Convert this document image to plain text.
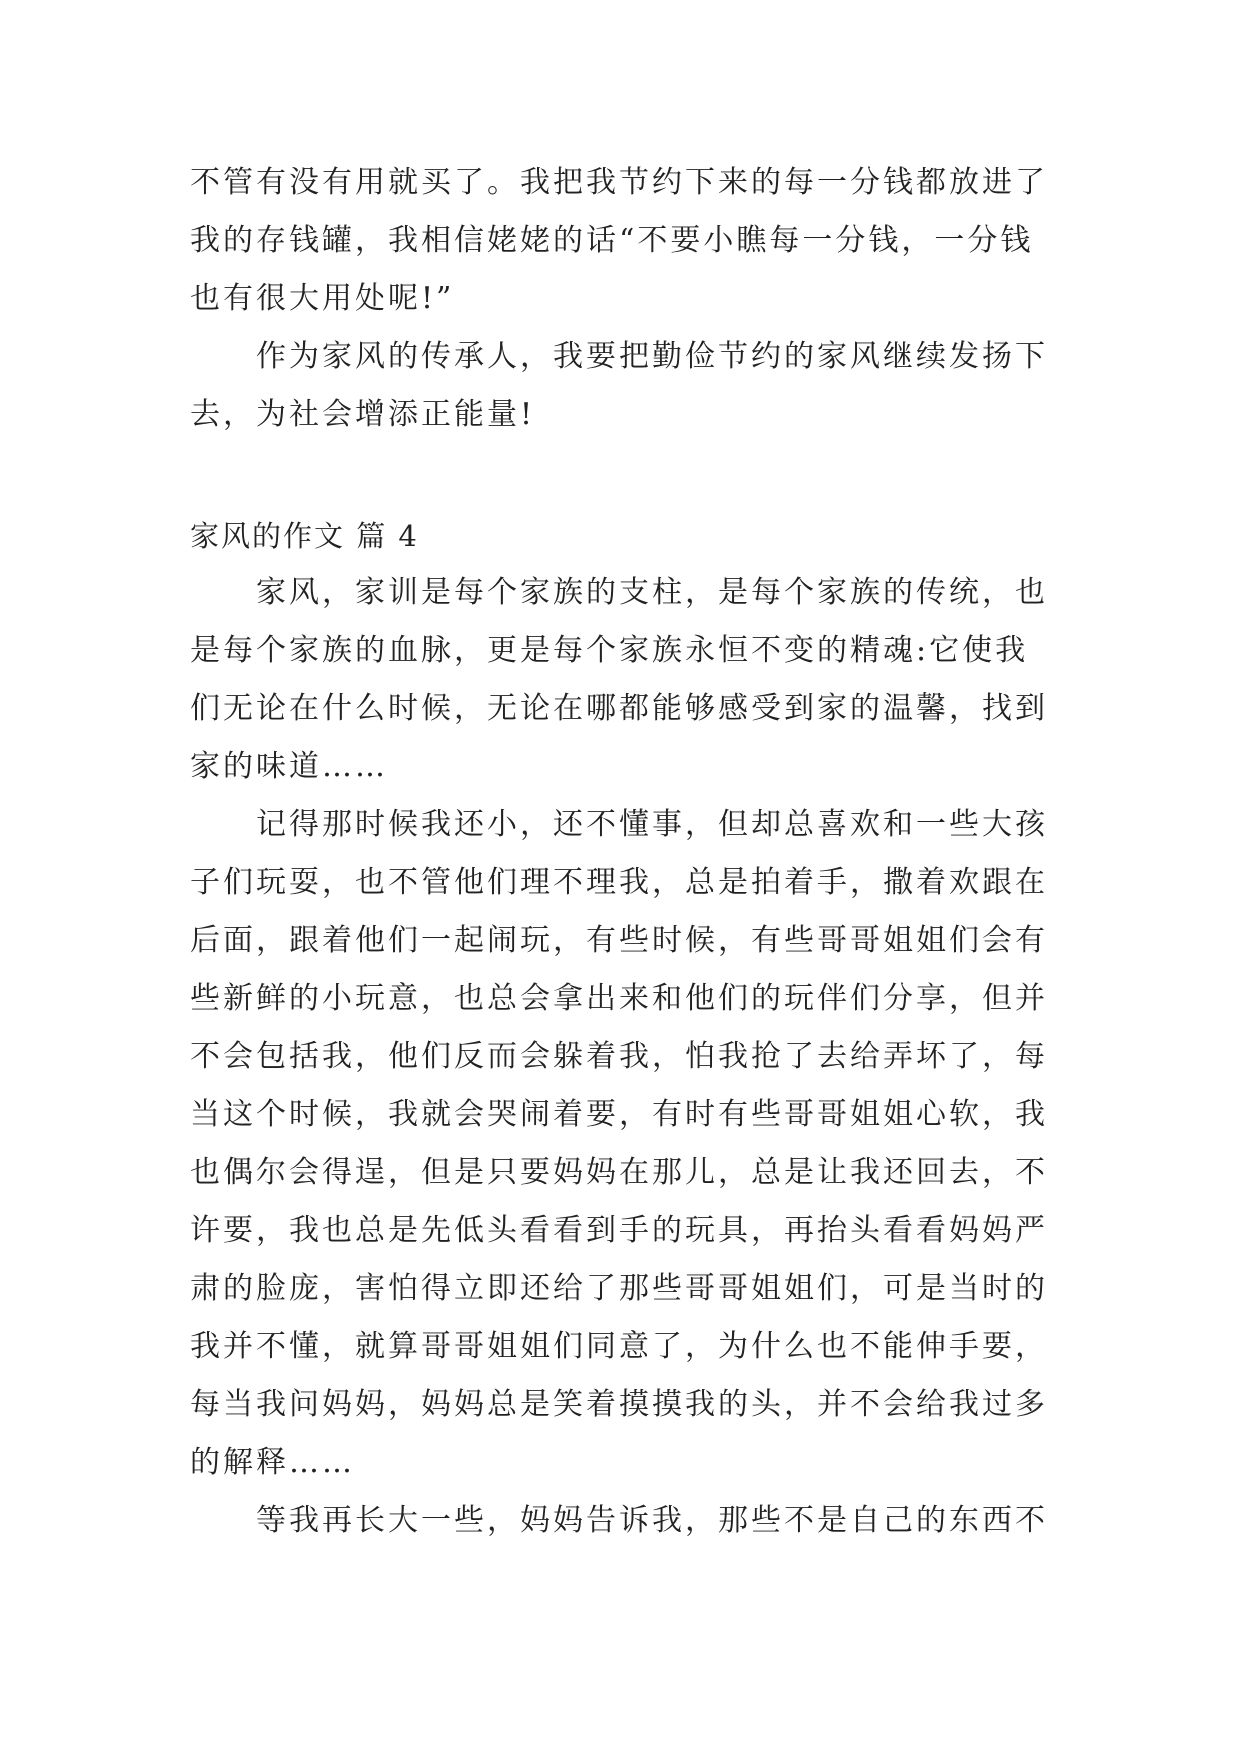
不管有没有用就买了。我把我节约下来的每一分钱都放进了
我的存钱罐，我相信姥姥的话“不要小瞧每一分钱，一分钱
也有很大用处呢!”
作为家风的传承人，我要把勤俭节约的家风继续发扬下
去，为社会增添正能量!
家风的作文 篇 4
家风，家训是每个家族的支柱，是每个家族的传统，也
是每个家族的血脉，更是每个家族永恒不变的精魂:它使我
们无论在什么时候，无论在哪都能够感受到家的温馨，找到
家的味道……
记得那时候我还小，还不懂事，但却总喜欢和一些大孩
子们玩耍，也不管他们理不理我，总是拍着手，撒着欢跟在
后面，跟着他们一起闹玩，有些时候，有些哥哥姐姐们会有
些新鲜的小玩意，也总会拿出来和他们的玩伴们分享，但并
不会包括我，他们反而会躲着我，怕我抢了去给弄坏了，每
当这个时候，我就会哭闹着要，有时有些哥哥姐姐心软，我
也偶尔会得逞，但是只要妈妈在那儿，总是让我还回去，不
许要，我也总是先低头看看到手的玩具，再抬头看看妈妈严
肃的脸庞，害怕得立即还给了那些哥哥姐姐们，可是当时的
我并不懂，就算哥哥姐姐们同意了，为什么也不能伸手要，
每当我问妈妈，妈妈总是笑着摸摸我的头，并不会给我过多
的解释……
等我再长大一些，妈妈告诉我，那些不是自己的东西不
